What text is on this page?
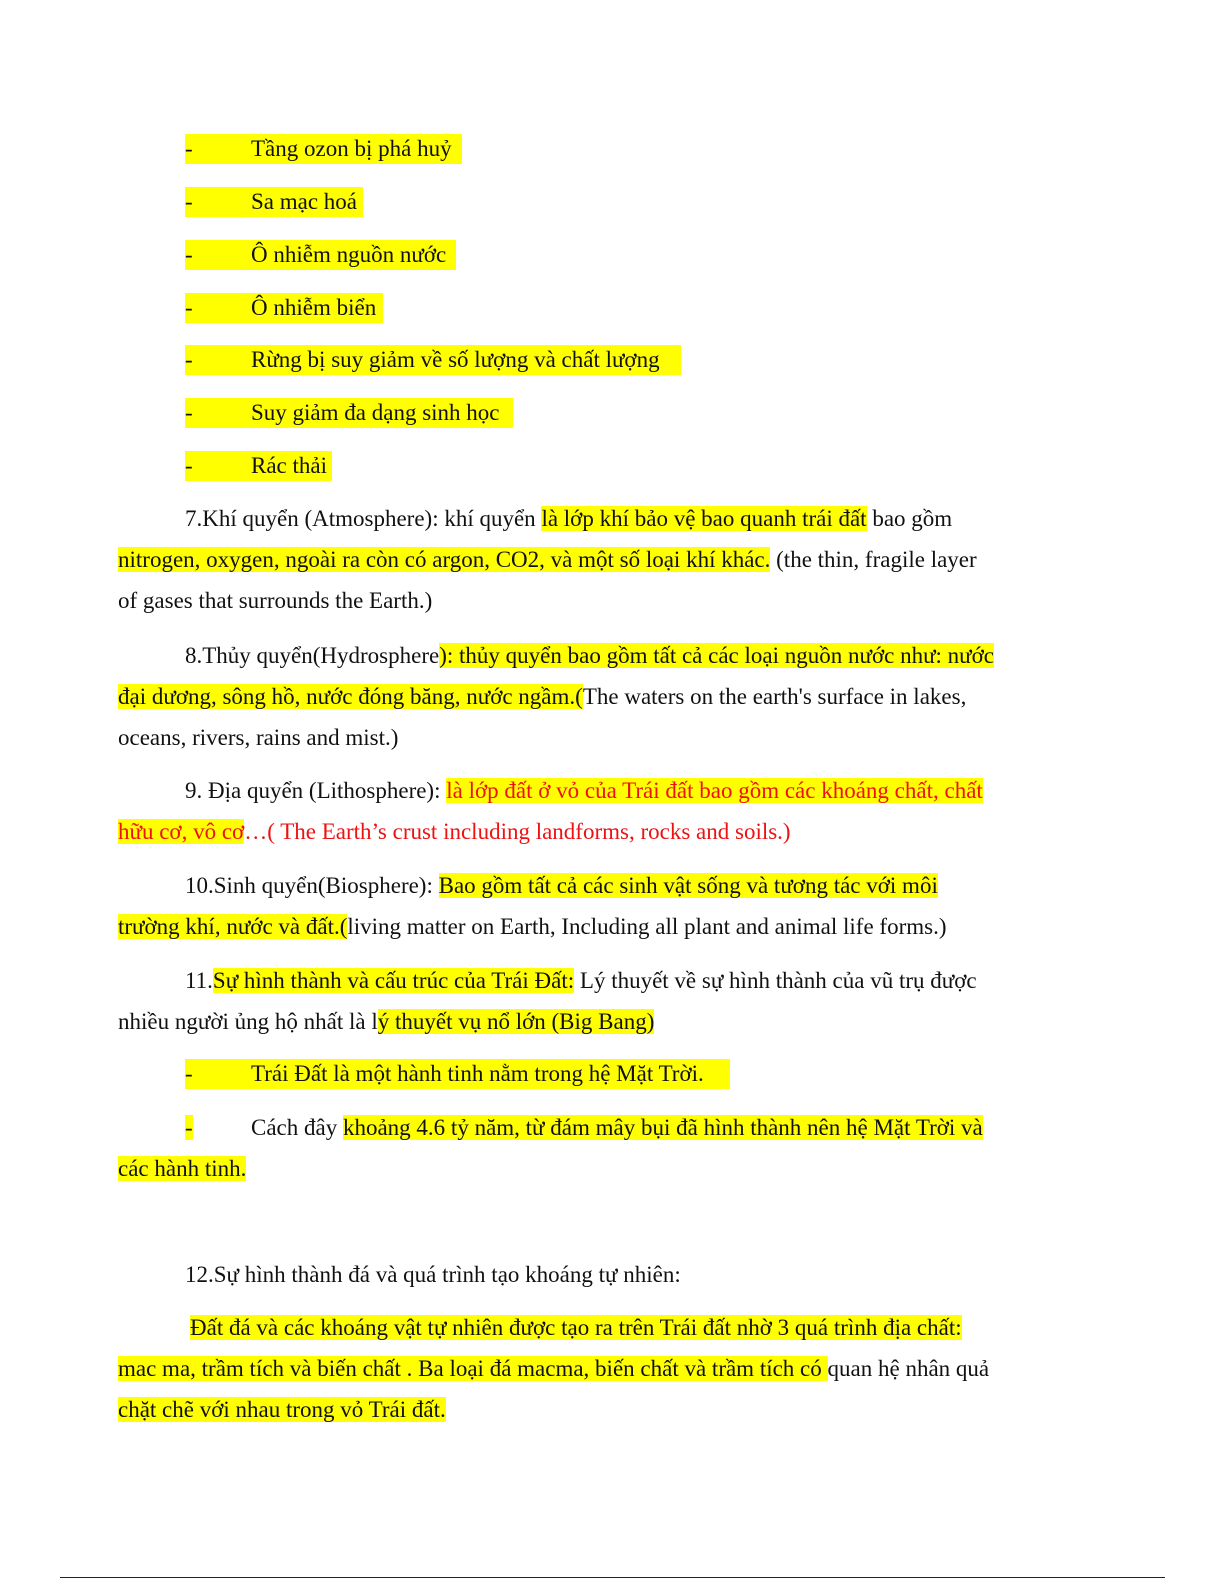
-	Tầng ozon bị phá huỷ
-	Sa mạc hoá
-	Ô nhiễm nguồn nước
-	Ô nhiễm biển
-	Rừng bị suy giảm về số lượng và chất lượng
-	Suy giảm đa dạng sinh học
-	Rác thải
7.Khí quyển (Atmosphere): khí quyển là lớp khí bảo vệ bao quanh trái đất bao gồm
nitrogen, oxygen, ngoài ra còn có argon, CO2, và một số loại khí khác. (the thin, fragile layer
of gases that surrounds the Earth.)
8.Thủy quyển(Hydrosphere): thủy quyển bao gồm tất cả các loại nguồn nước như: nước
đại dương, sông hồ, nước đóng băng, nước ngầm.(The waters on the earth's surface in lakes,
oceans, rivers, rains and mist.)
9. Địa quyển (Lithosphere): là lớp đất ở vỏ của Trái đất bao gồm các khoáng chất, chất
hữu cơ, vô cơ…( The Earth’s crust including landforms, rocks and soils.)
10.Sinh quyển(Biosphere): Bao gồm tất cả các sinh vật sống và tương tác với môi
trường khí, nước và đất.(living matter on Earth, Including all plant and animal life forms.)
11.Sự hình thành và cấu trúc của Trái Đất: Lý thuyết về sự hình thành của vũ trụ được
nhiều người ủng hộ nhất là lý thuyết vụ nổ lớn (Big Bang)
-	Trái Đất là một hành tinh nằm trong hệ Mặt Trời.
-	Cách đây khoảng 4.6 tỷ năm, từ đám mây bụi đã hình thành nên hệ Mặt Trời và
các hành tinh.
12.Sự hình thành đá và quá trình tạo khoáng tự nhiên:
Đất đá và các khoáng vật tự nhiên được tạo ra trên Trái đất nhờ 3 quá trình địa chất:
mac ma, trầm tích và biến chất . Ba loại đá macma, biến chất và trầm tích có quan hệ nhân quả
chặt chẽ với nhau trong vỏ Trái đất.
